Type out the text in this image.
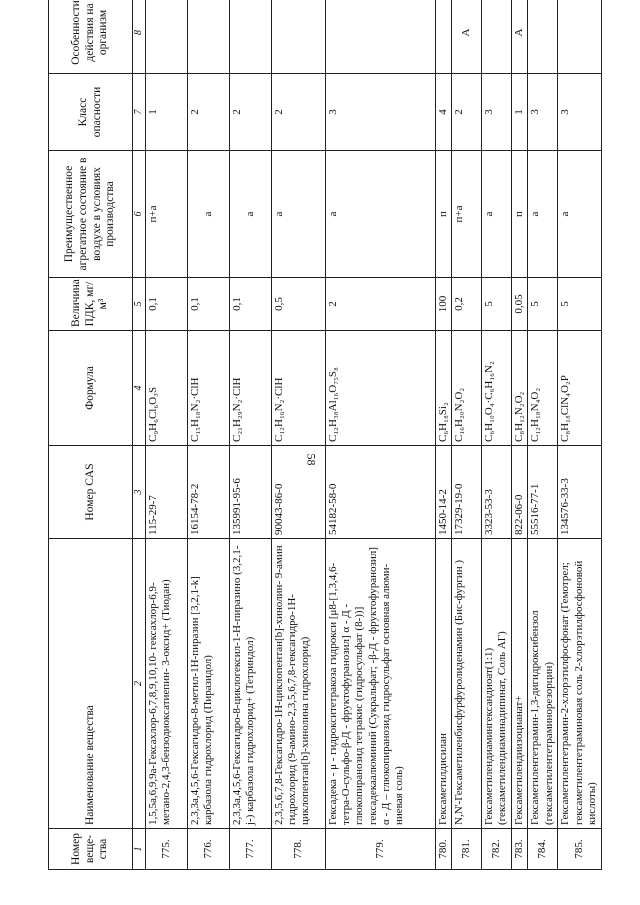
58
Номер веще-ства	Наименование вещества	Номер CAS	Формула	Величина ПДК, мг/м³	Преимущественное агрегатное состояние в воздухе в условиях производства	Класс опасности	Особенности действия на организм
1	2	3	4	5	6	7	8
775.	1,5,5a,6,9,9a-Гексахлор-6,7,8,9,10,10- гексахлор-6,9-метано-2,4,3-бензодиоксатиепин- 3-оксид+ (Тиодан)	115-29-7	C₉H₆Cl₆O₃S	0,1	п+а	1	
776.	2,3,3a,4,5,6-Гексагидро-8-метил-1Н-пиразин [3,2,1-k] карбазола гидрохлорид (Пиразидол)	16154-78-2	C₁₅H₁₈N₂·ClH	0,1	а	2	
777.	2,3,3a,4,5,6-Гексагидро-8-циклогексил-1-Н-пиразино (3,2,1-j-) карбазола гидрохлорид+ (Тетриндол)	135991-95-6	C₂₁H₂₉N₂·ClH	0,1	а	2	
778.	2,3,5,6,7,8-Гексагидро-1Н-циклопентан[b]-хинолин- 9-амин гидрохлорид (9-амино-2,3,5,6,7,8-гексагидро-1Н-циклопентан[b]-хинолина гидрохлорид)	90043-86-0	C₁₂H₁₆N₂·ClH	0,5	а	2	
779.	Гексадека - μ - гидрокситетракоза гидрокси [μ8-[1,3,4,6-тетра-О-сульфо-β-Д - фруктофуранозил] α - Д - глюкопиранозид тетракис (гидросульфат (8-))] гексадекаалюминий (Сукральфат; -β-Д - фруктофуранозил] α - Д – глюкопиранозид гидросульфат основная алюми-ниевая соль)	54182-58-0	C₁₂H₃₈Al₁₆O₇₅S₈	2	а	3	
780.	Гексаметилдисилан	1450-14-2	C₆H₁₈Si₂	100	п	4	
781.	N,N'-Гексаметиленбисфурфуролиденамин (Бис-фургин )	17329-19-0	C₁₆H₂₀N₂O₂	0,2	п+а	2	А
782.	Гексаметилендиамингександиоат(1:1) (гексаметилендиаминадипинат, Соль АГ)	3323-53-3	C₆H₁₀O₄·C₆H₁₆N₂	5	а	3	
783.	Гексаметилендиизоцианат+	822-06-0	C₈H₁₂N₂O₂	0,05	п	1	А
784.	Гексаметилентетрамин-1,3-дигидроксибензол (гексаметилентетраминорезорцин)	55516-77-1	C₁₂H₁₈N₄O₂	5	а	3	
785.	Гексаметилентетрамин-2-хлорэтилфосфонат (Гемотрел; гексаметилентетраминовая соль 2-хлорэтилфосфоновой кислоты)	134576-33-3	C₈H₁₈ClN₄O₂P	5	а	3	
